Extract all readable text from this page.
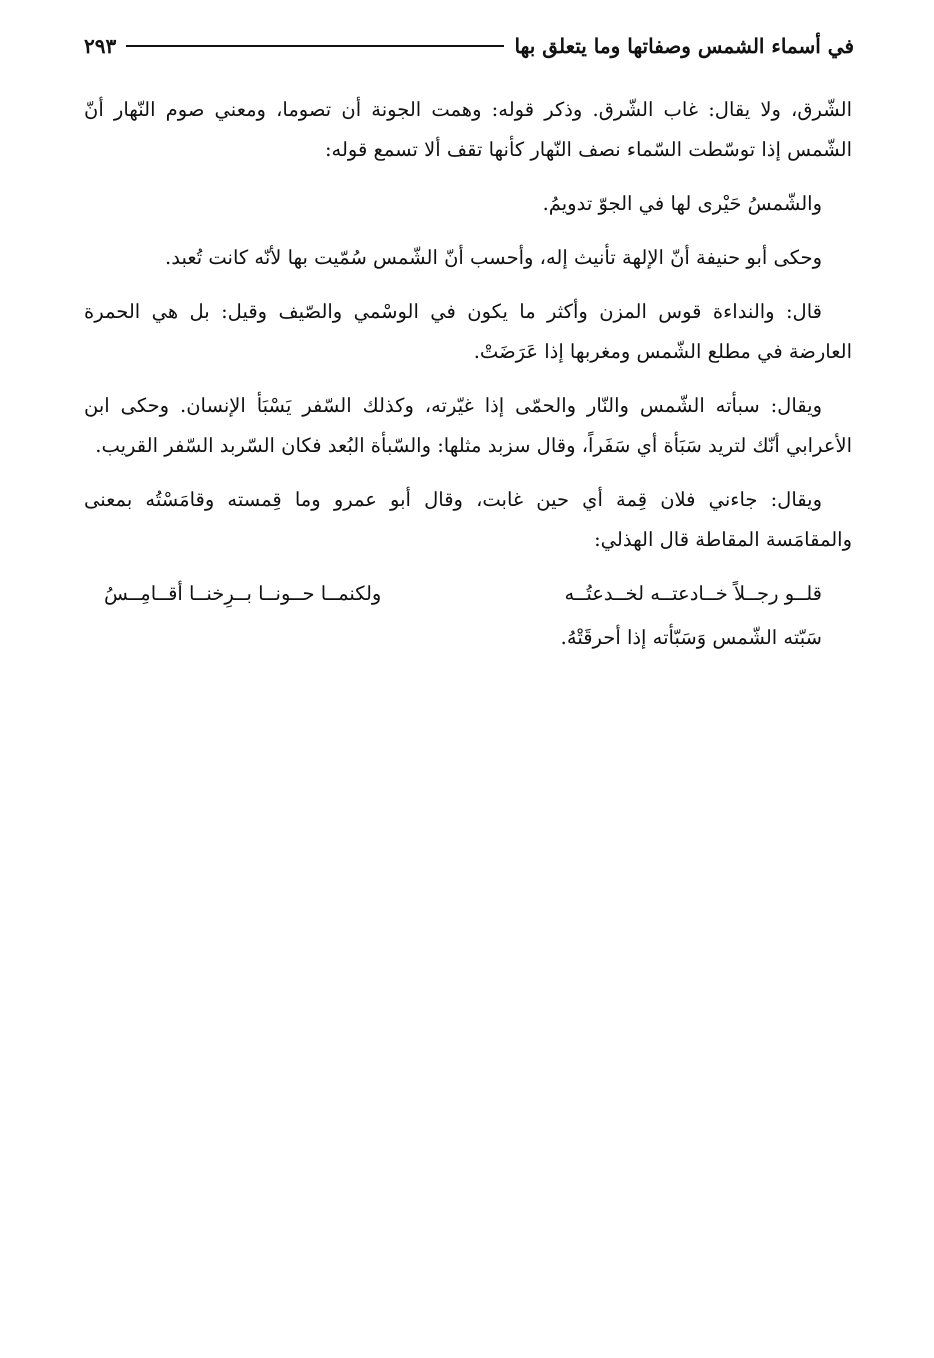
في أسماء الشمس وصفاتها وما يتعلق بها
٢٩٣

الشّرق، ولا يقال: غاب الشّرق. وذكر قوله: وهمت الجونة أن تصوما، ومعني صوم النّهار أنّ الشّمس إذا توسّطت السّماء نصف النّهار كأنها تقف ألا تسمع قوله:

والشّمسُ حَيْرى لها في الجوّ تدويمُ.

وحكى أبو حنيفة أنّ الإلهة تأنيث إله، وأحسب أنّ الشّمس سُمّيت بها لأنّه كانت تُعبد.

قال: والنداءة قوس المزن وأكثر ما يكون في الوسْمي والصّيف وقيل: بل هي الحمرة العارضة في مطلع الشّمس ومغربها إذا عَرَضَتْ.

ويقال: سبأته الشّمس والنّار والحمّى إذا غيّرته، وكذلك السّفر يَسْبَأ الإنسان. وحكى ابن الأعرابي أنّك لتريد سَبَأة أي سَفَراً، وقال سزبد مثلها: والسّبأة البُعد فكان السّربد السّفر القريب.

ويقال: جاءني فلان قِمة أي حين غابت، وقال أبو عمرو وما قِمسته وقامَسْتُه بمعنى والمقامَسة المقاطة قال الهذلي:

قلــو رجــلاً خــادعتــه لخــدعتُــه
ولكنمــا حــونــا بــرِخنــا أقــامِــسُ

سَبّته الشّمس وَسَبّأته إذا أحرقَتْهُ.
